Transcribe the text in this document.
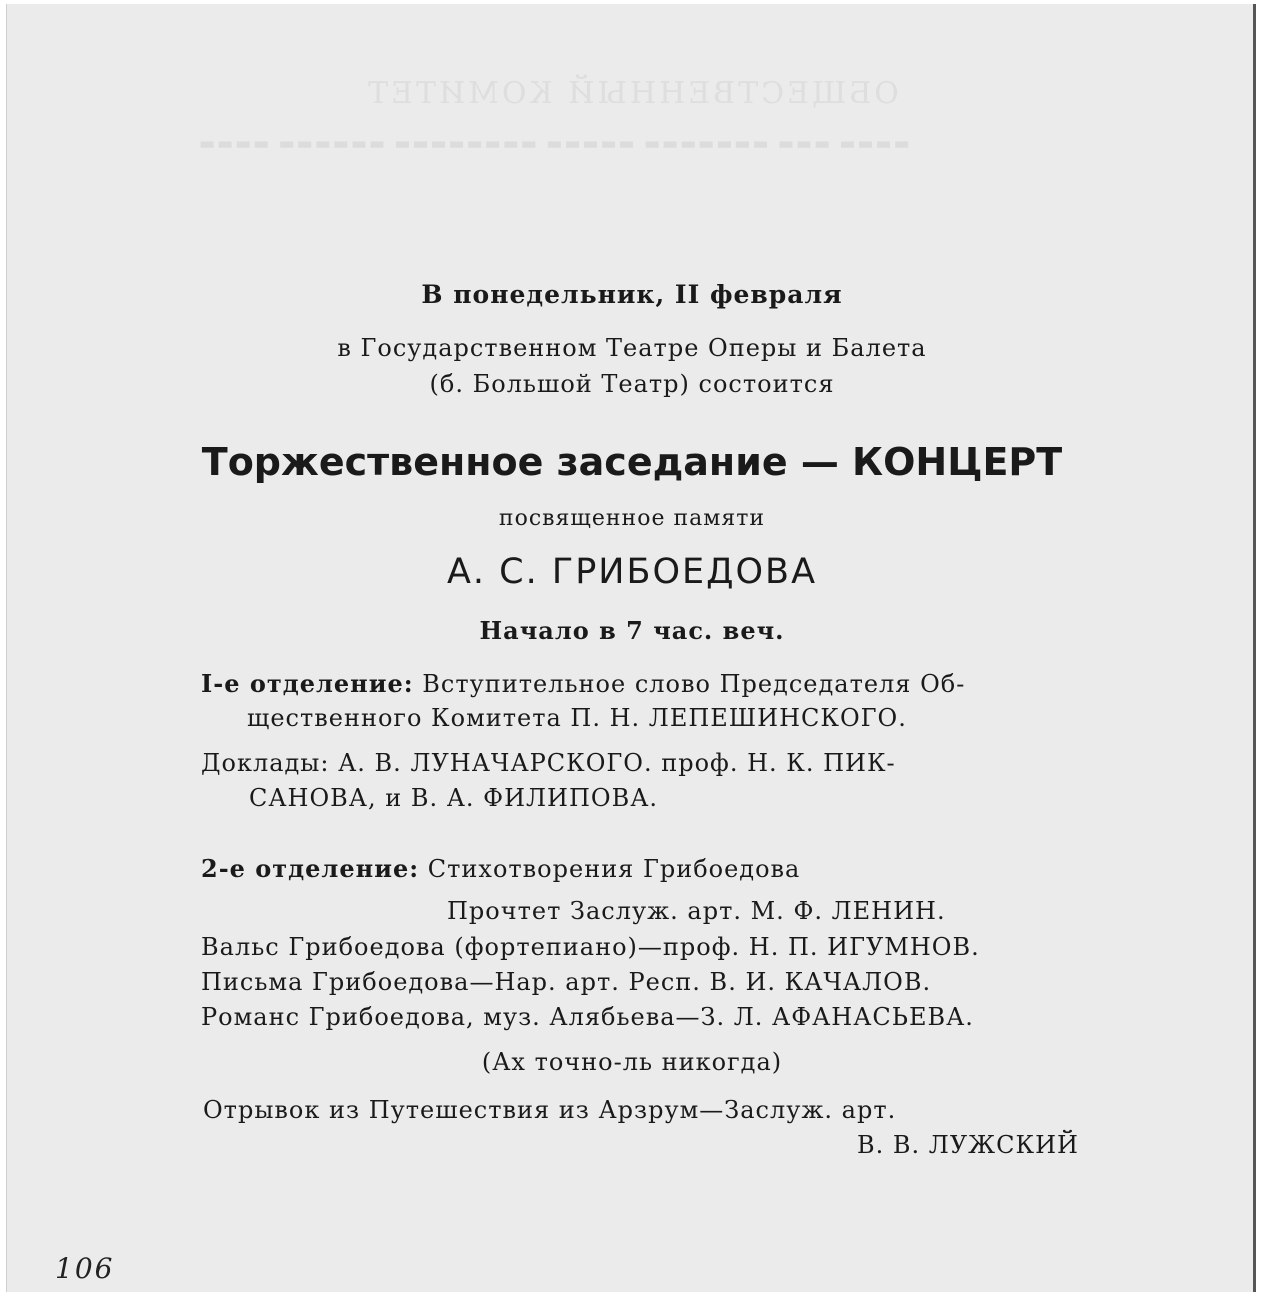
ОБЩЕСТВЕННЫЙ КОМИТЕТ
▬▬▬▬ ▬▬▬ ▬▬▬▬▬▬▬ ▬▬▬▬▬ ▬▬▬▬▬▬▬▬ ▬▬▬▬▬▬ ▬▬▬▬
В понедельник, II февраля
в Государственном Театре Оперы и Балета
(б. Большой Театр) состоится
Торжественное заседание — КОНЦЕРТ
посвященное памяти
А. С. ГРИБОЕДОВА
Начало в 7 час. веч.
I-е отделение: Вступительное слово Председателя Об-
щественного Комитета П. Н. ЛЕПЕШИНСКОГО.
Доклады: А. В. ЛУНАЧАРСКОГО. проф. Н. К. ПИК-
САНОВА, и В. А. ФИЛИПОВА.
2-е отделение: Стихотворения Грибоедова
Прочтет Заслуж. арт. М. Ф. ЛЕНИН.
Вальс Грибоедова (фортепиано)—проф. Н. П. ИГУМНОВ.
Письма Грибоедова—Нар. арт. Респ. В. И. КАЧАЛОВ.
Романс Грибоедова, муз. Алябьева—З. Л. АФАНАСЬЕВА.
(Ах точно-ль никогда)
Отрывок из Путешествия из Арзрум—Заслуж. арт.
В. В. ЛУЖСКИЙ
106
